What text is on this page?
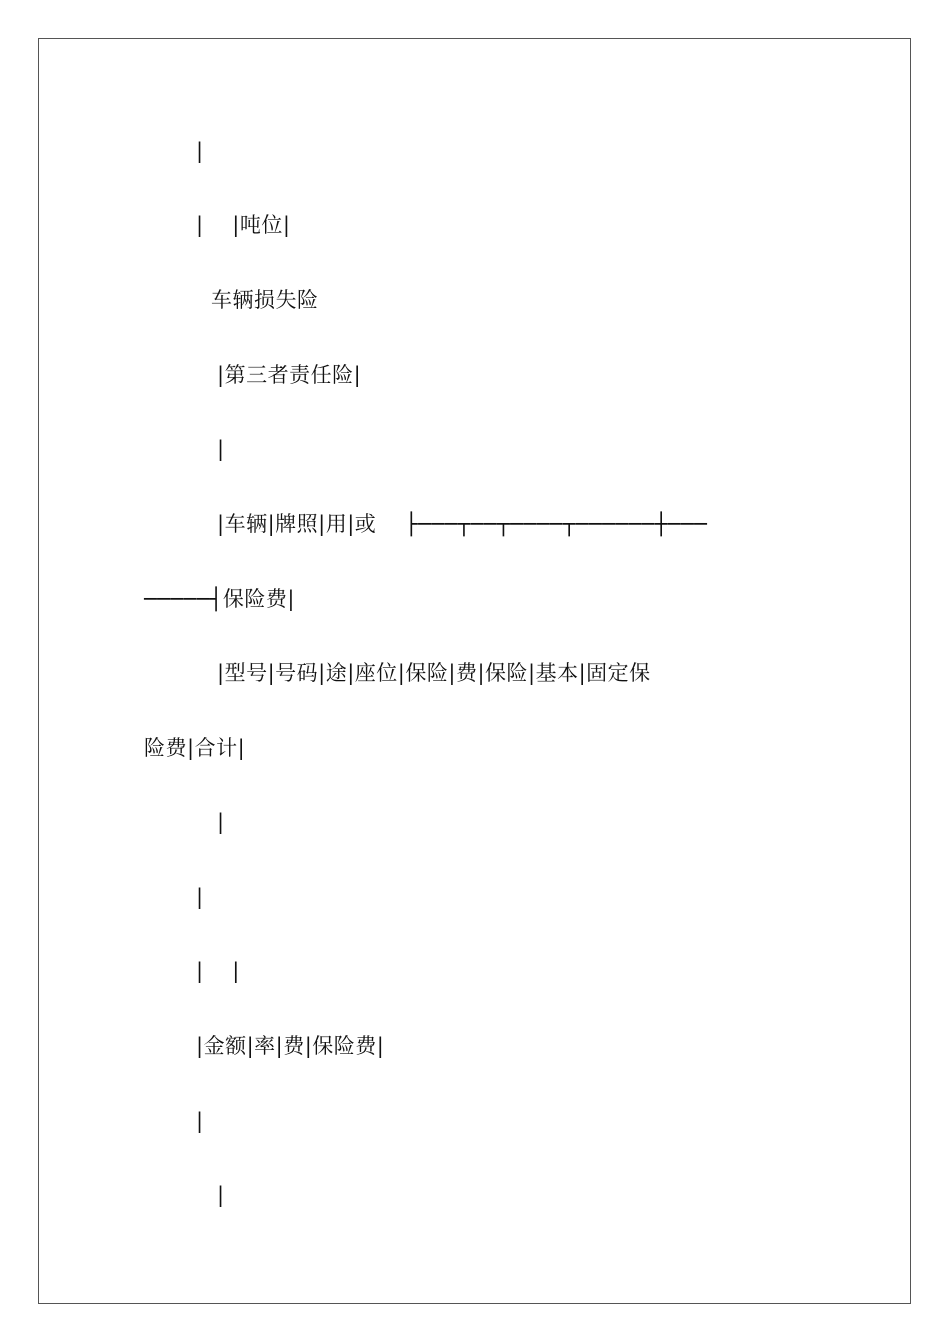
|
|　 |吨位|
车辆损失险
|第三者责任险|
|
|车辆|牌照|用|或　 ├───┬──┬────┬──────┼───
─────┤保险费|
|型号|号码|途|座位|保险|费|保险|基本|固定保
险费|合计|
|
|
|　 |
|金额|率|费|保险费|
|
|
